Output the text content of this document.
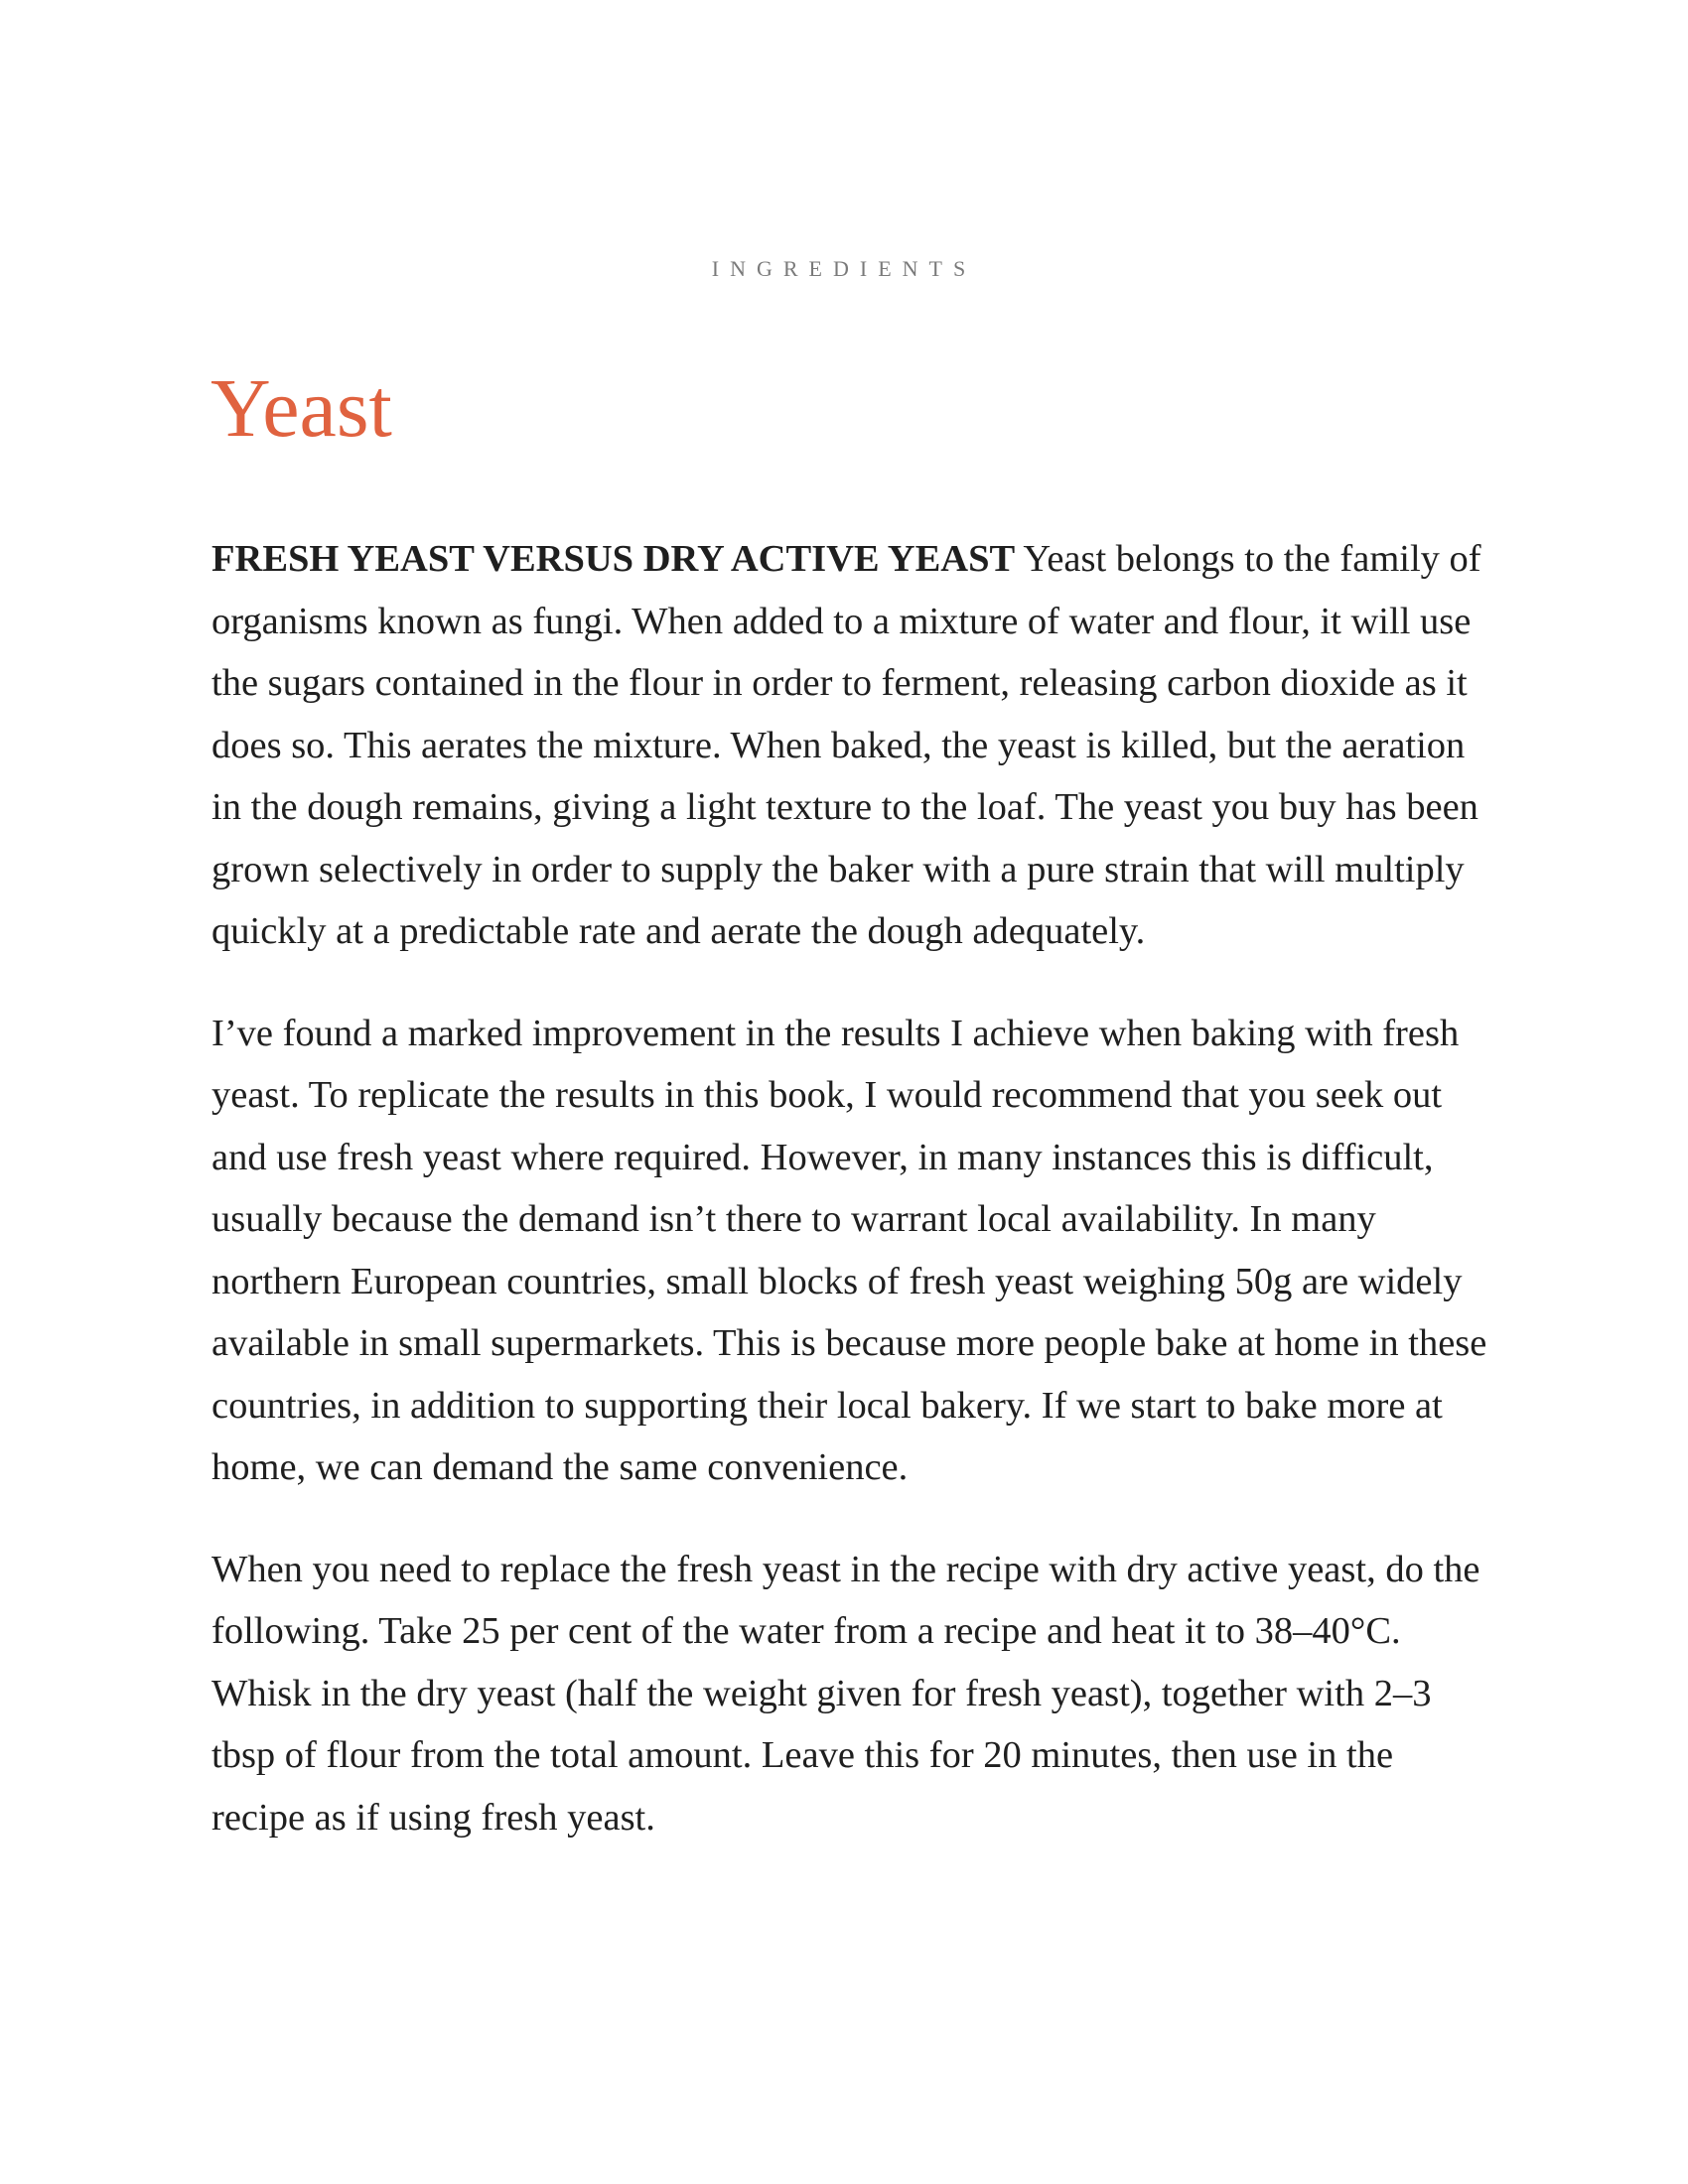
INGREDIENTS
Yeast

FRESH YEAST VERSUS DRY ACTIVE YEAST Yeast belongs to the family of organisms known as fungi. When added to a mixture of water and flour, it will use the sugars contained in the flour in order to ferment, releasing carbon dioxide as it does so. This aerates the mixture. When baked, the yeast is killed, but the aeration in the dough remains, giving a light texture to the loaf. The yeast you buy has been grown selectively in order to supply the baker with a pure strain that will multiply quickly at a predictable rate and aerate the dough adequately.

I’ve found a marked improvement in the results I achieve when baking with fresh yeast. To replicate the results in this book, I would recommend that you seek out and use fresh yeast where required. However, in many instances this is difficult, usually because the demand isn’t there to warrant local availability. In many northern European countries, small blocks of fresh yeast weighing 50g are widely available in small supermarkets. This is because more people bake at home in these countries, in addition to supporting their local bakery. If we start to bake more at home, we can demand the same convenience.

When you need to replace the fresh yeast in the recipe with dry active yeast, do the following. Take 25 per cent of the water from a recipe and heat it to 38–40°C. Whisk in the dry yeast (half the weight given for fresh yeast), together with 2–3 tbsp of flour from the total amount. Leave this for 20 minutes, then use in the recipe as if using fresh yeast.
